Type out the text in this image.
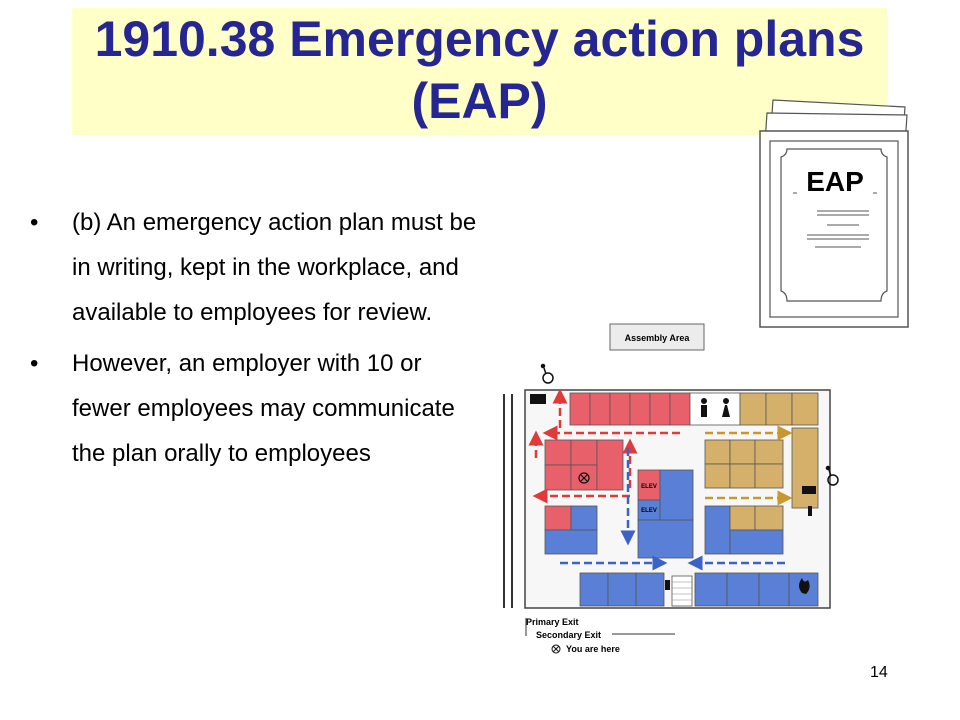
1910.38 Emergency action plans (EAP)
• (b) An emergency action plan must be in writing, kept in the workplace, and available to employees for review.
• However, an employer with 10 or fewer employees may communicate the plan orally to employees
EAP
Assembly Area
ELEV
ELEV
Primary Exit
Secondary Exit
You are here
14
